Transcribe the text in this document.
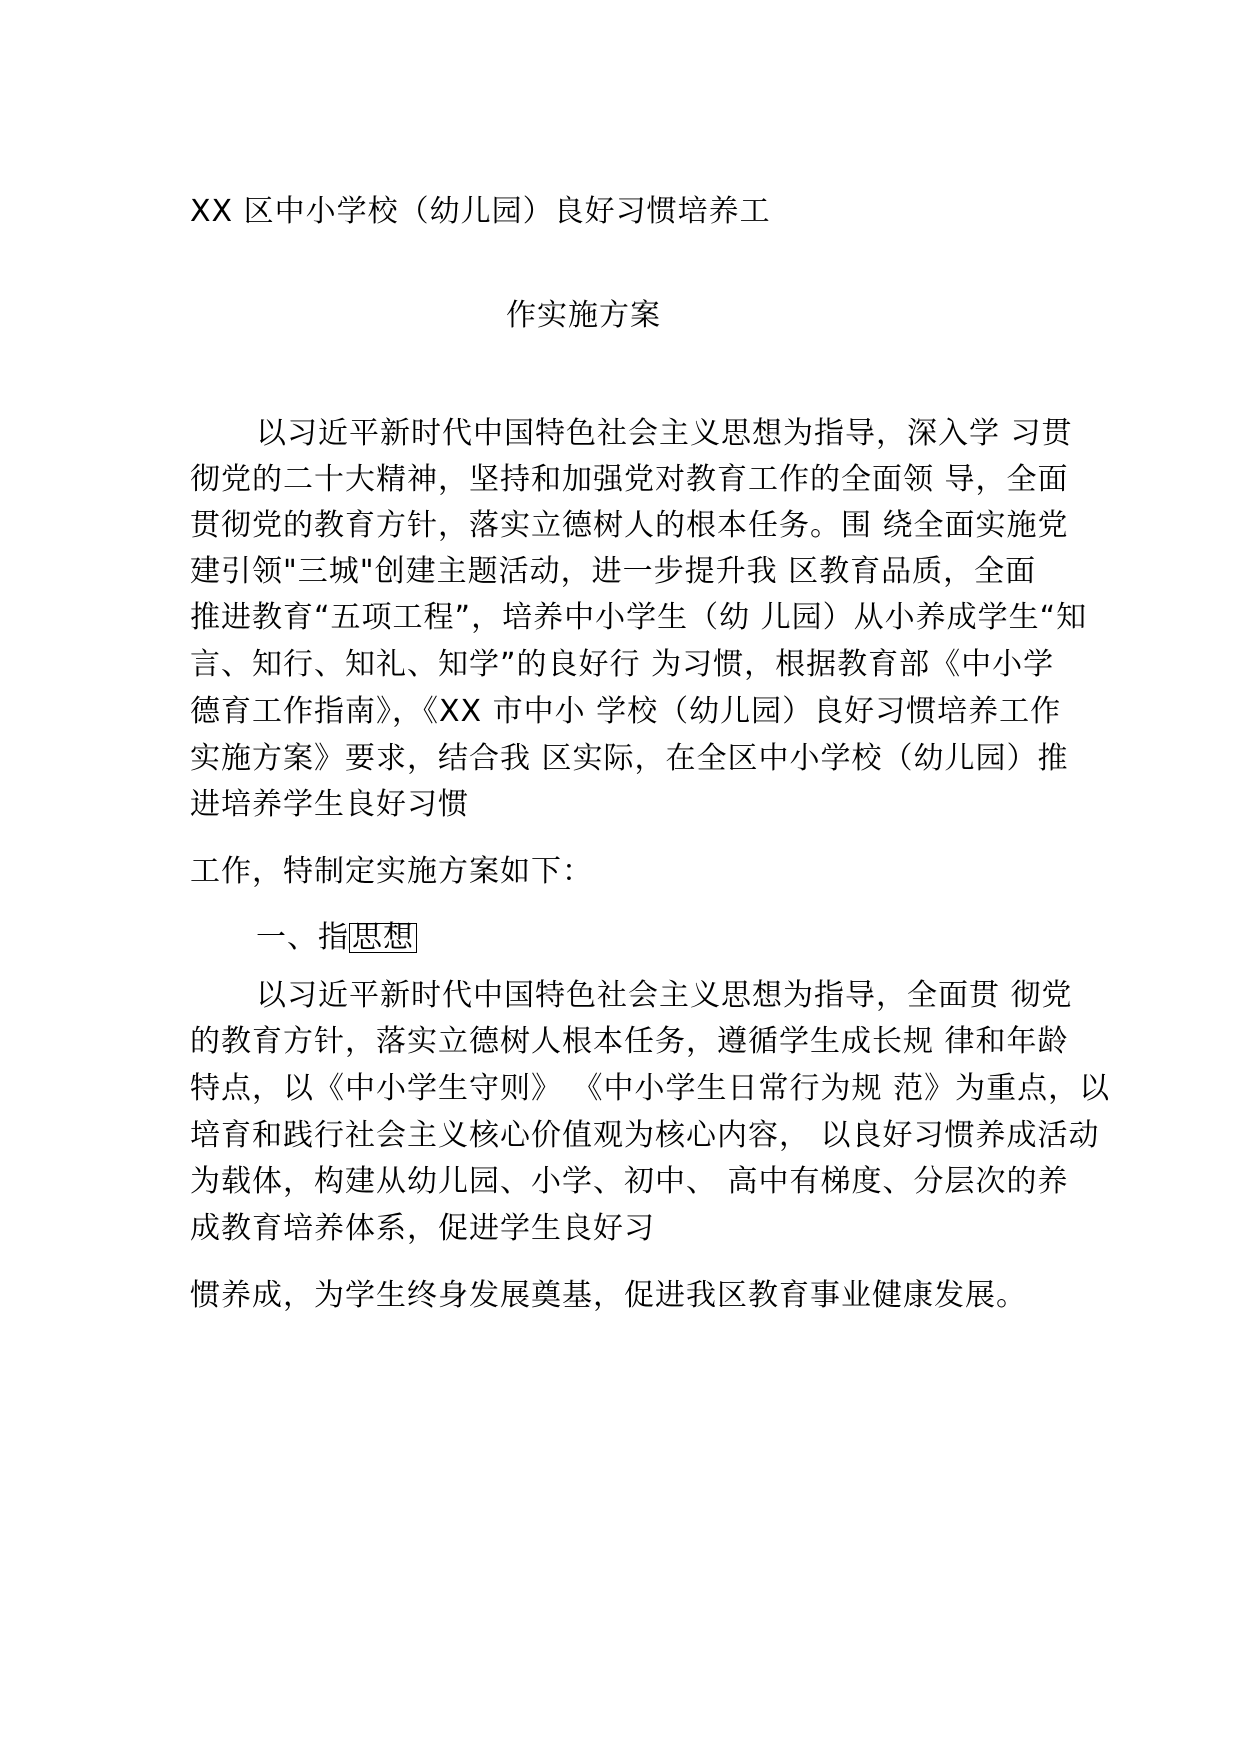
XX 区中小学校（幼儿园）良好习惯培养工

作实施方案

以习近平新时代中国特色社会主义思想为指导，深入学 习贯

彻党的二十大精神，坚持和加强党对教育工作的全面领 导，全面

贯彻党的教育方针，落实立德树人的根本任务。围 绕全面实施党

建引领"三城"创建主题活动，进一步提升我 区教育品质，全面

推进教育“五项工程”，培养中小学生（幼 儿园）从小养成学生“知

言、知行、知礼、知学”的良好行 为习惯，根据教育部《中小学

德育工作指南》，《XX 市中小 学校（幼儿园）良好习惯培养工作

实施方案》要求，结合我 区实际，在全区中小学校（幼儿园）推

进培养学生良好习惯

工作，特制定实施方案如下：

一、指 思想

以习近平新时代中国特色社会主义思想为指导，全面贯 彻党

的教育方针，落实立德树人根本任务，遵循学生成长规 律和年龄

特点，以《中小学生守则》 《中小学生日常行为规 范》为重点，以

培育和践行社会主义核心价值观为核心内容， 以良好习惯养成活动

为载体，构建从幼儿园、小学、初中、 高中有梯度、分层次的养

成教育培养体系，促进学生良好习

惯养成，为学生终身发展奠基，促进我区教育事业健康发展。
